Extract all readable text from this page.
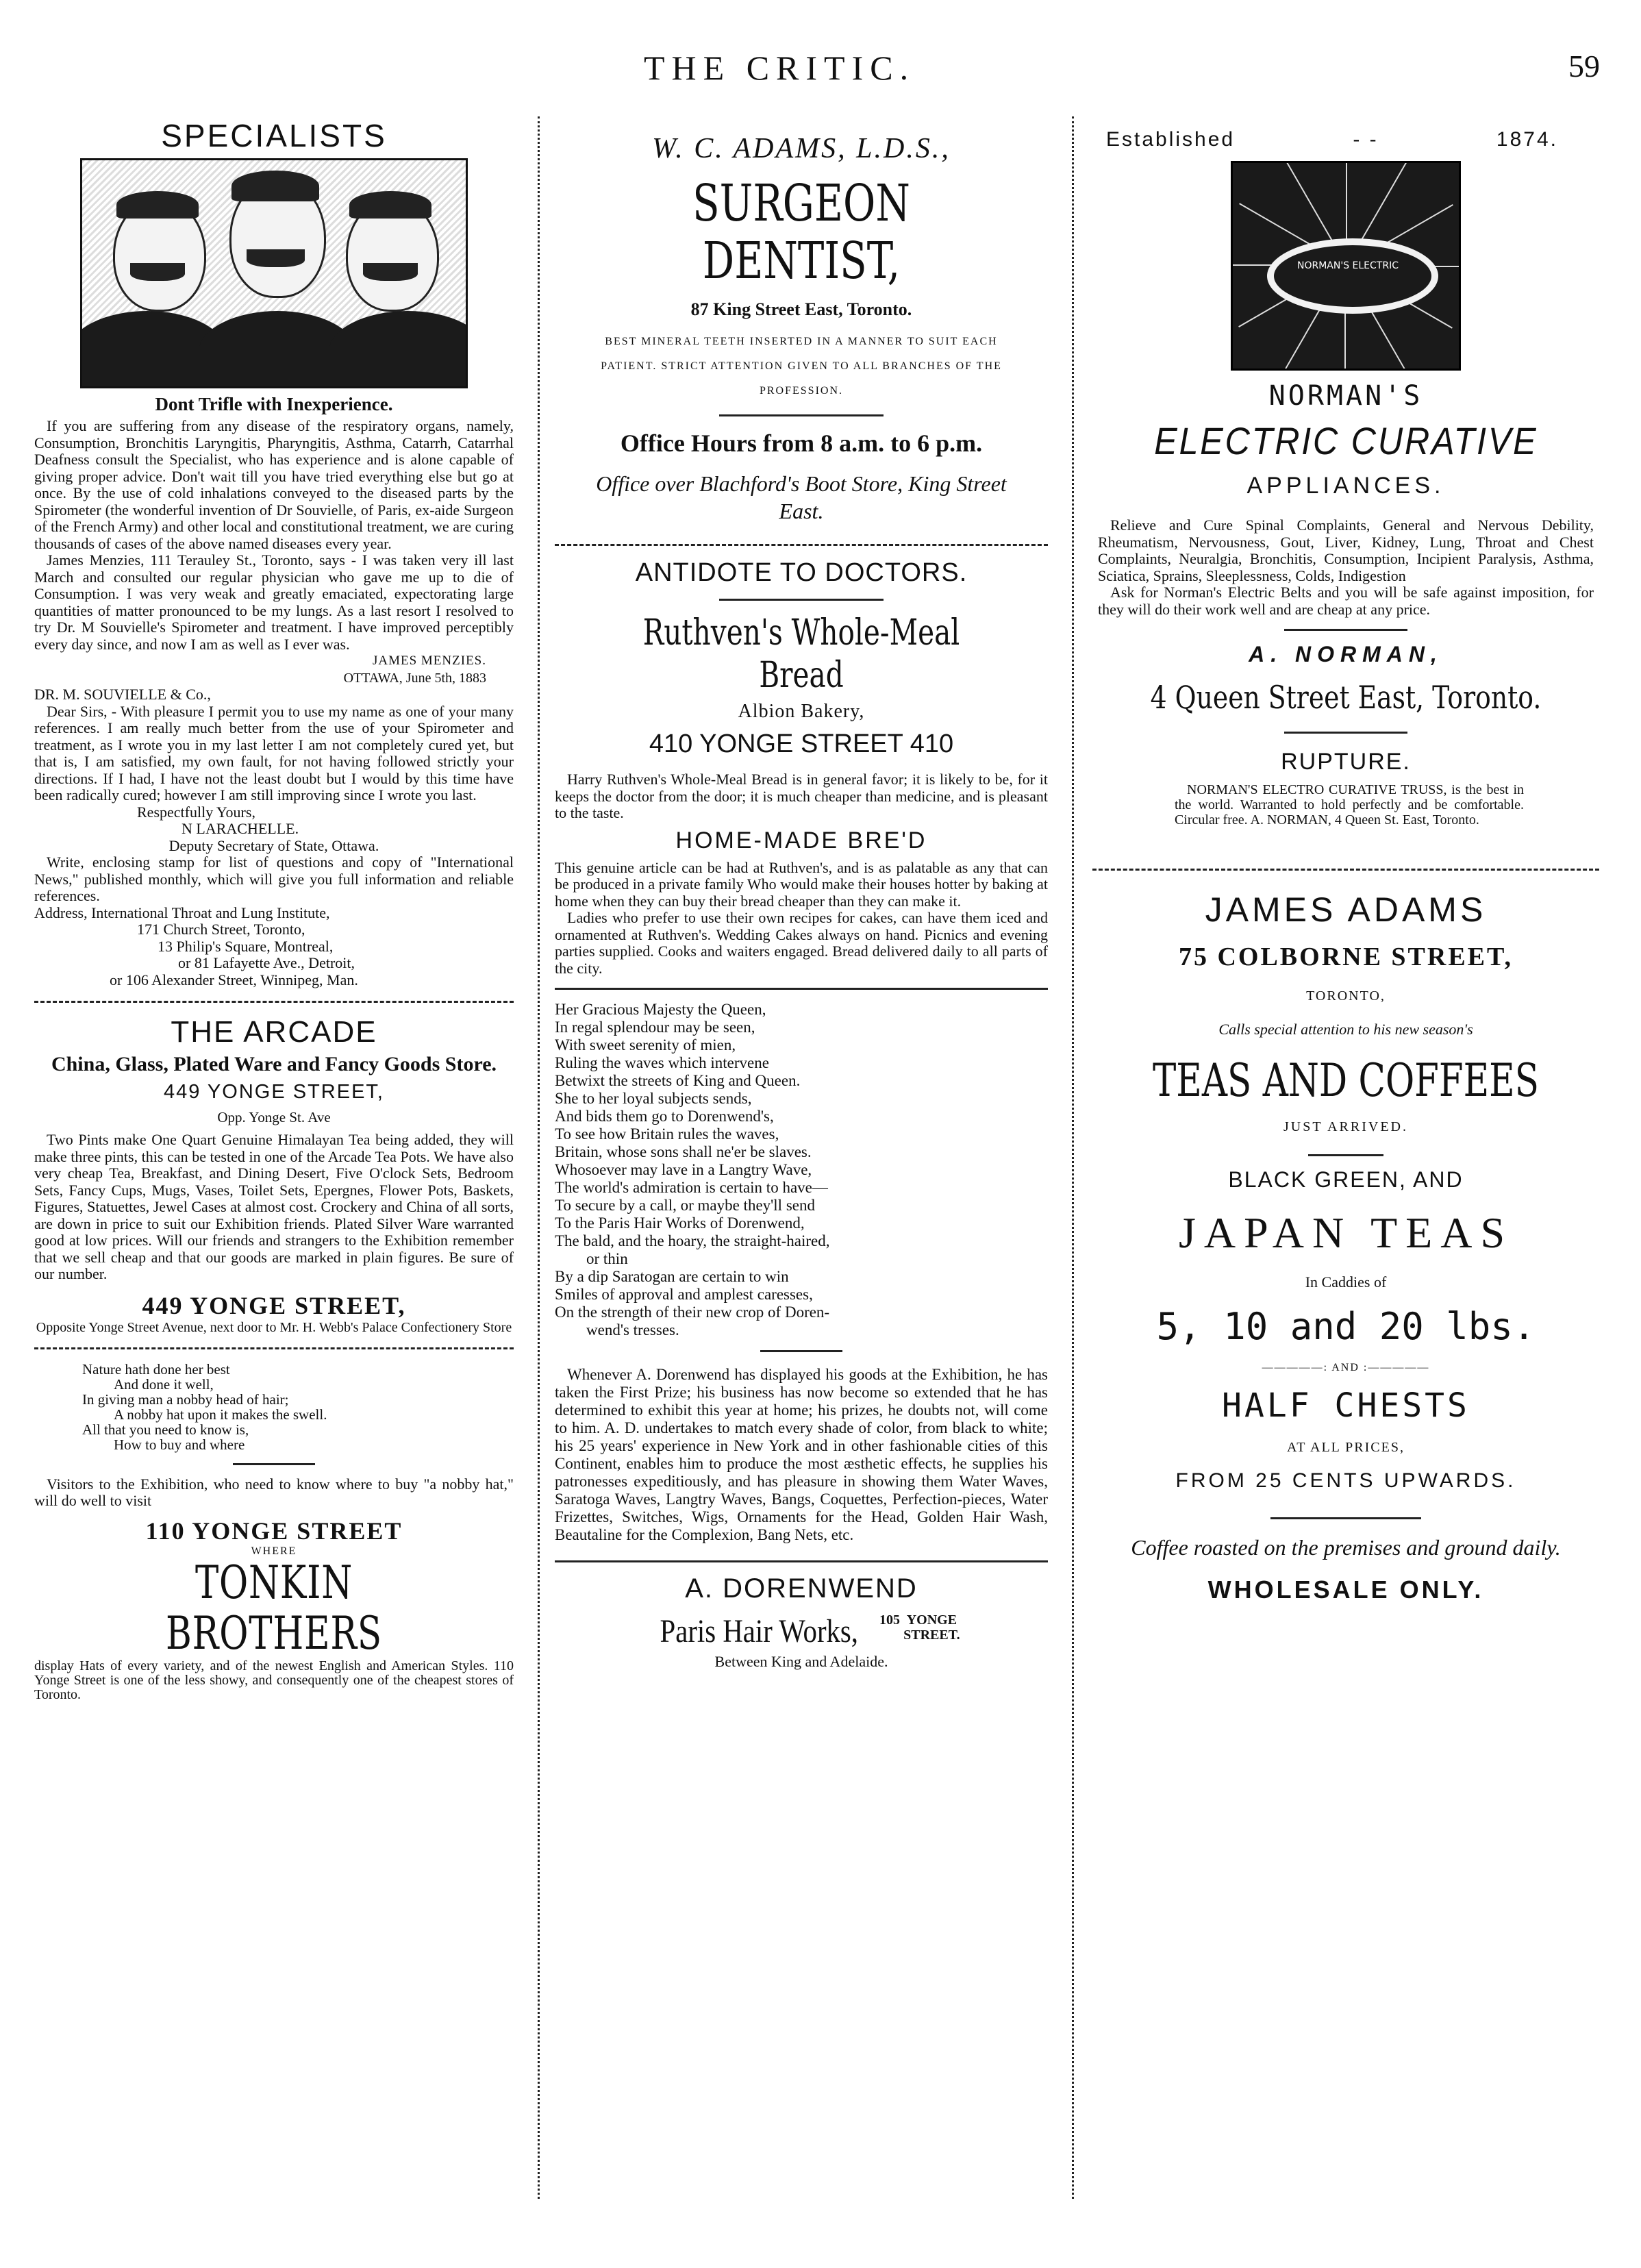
THE CRITIC.	59
SPECIALISTS
Dont Trifle with Inexperience.

If you are suffering from any disease of the respiratory organs, namely, Consumption, Bronchitis Laryngitis, Pharyngitis, Asthma, Catarrh, Catarrhal Deafness consult the Specialist, who has experience and is alone capable of giving proper advice. Don't wait till you have tried everything else but go at once. By the use of cold inhalations conveyed to the diseased parts by the Spirometer (the wonderful invention of Dr Souvielle, of Paris, ex-aide Surgeon of the French Army) and other local and constitutional treatment, we are curing thousands of cases of the above named diseases every year.

James Menzies, 111 Terauley St., Toronto, says - I was taken very ill last March and consulted our regular physician who gave me up to die of Consumption. I was very weak and greatly emaciated, expectorating large quantities of matter pronounced to be my lungs. As a last resort I resolved to try Dr. M Souvielle's Spirometer and treatment. I have improved perceptibly every day since, and now I am as well as I ever was.

JAMES MENZIES.
OTTAWA, June 5th, 1883
DR. M. SOUVIELLE & Co.,

Dear Sirs, - With pleasure I permit you to use my name as one of your many references. I am really much better from the use of your Spirometer and treatment, as I wrote you in my last letter I am not completely cured yet, but that is, I am satisfied, my own fault, for not having followed strictly your directions. If I had, I have not the least doubt but I would by this time have been radically cured; however I am still improving since I wrote you last.

Respectfully Yours,
N LARACHELLE.
Deputy Secretary of State, Ottawa.

Write, enclosing stamp for list of questions and copy of "International News," published monthly, which will give you full information and reliable references.

Address, International Throat and Lung Institute,
171 Church Street, Toronto,
13 Philip's Square, Montreal,
or 81 Lafayette Ave., Detroit,
or 106 Alexander Street, Winnipeg, Man.
THE ARCADE
China, Glass, Plated Ware and Fancy Goods Store.
449 YONGE STREET,
Opp. Yonge St. Ave

Two Pints make One Quart Genuine Himalayan Tea being added, they will make three pints, this can be tested in one of the Arcade Tea Pots. We have also very cheap Tea, Breakfast, and Dining Desert, Five O'clock Sets, Bedroom Sets, Fancy Cups, Mugs, Vases, Toilet Sets, Epergnes, Flower Pots, Baskets, Figures, Statuettes, Jewel Cases at almost cost. Crockery and China of all sorts, are down in price to suit our Exhibition friends. Plated Silver Ware warranted good at low prices. Will our friends and strangers to the Exhibition remember that we sell cheap and that our goods are marked in plain figures. Be sure of our number.

449 YONGE STREET,
Opposite Yonge Street Avenue, next door to Mr. H. Webb's Palace Confectionery Store
Nature hath done her best
And done it well,
In giving man a nobby head of hair;
A nobby hat upon it makes the swell.
All that you need to know is,
How to buy and where

Visitors to the Exhibition, who need to know where to buy "a nobby hat," will do well to visit

110 YONGE STREET
WHERE
TONKIN BROTHERS

display Hats of every variety, and of the newest English and American Styles. 110 Yonge Street is one of the less showy, and consequently one of the cheapest stores of Toronto.

W. C. ADAMS, L.D.S.,
SURGEON DENTIST,
87 King Street East, Toronto.
BEST MINERAL TEETH INSERTED IN A MANNER TO SUIT EACH PATIENT. STRICT ATTENTION GIVEN TO ALL BRANCHES OF THE PROFESSION.
Office Hours from 8 a.m. to 6 p.m.
Office over Blachford's Boot Store, King Street East.
ANTIDOTE TO DOCTORS.
Ruthven's Whole-Meal Bread
Albion Bakery,
410 YONGE STREET 410

Harry Ruthven's Whole-Meal Bread is in general favor; it is likely to be, for it keeps the doctor from the door; it is much cheaper than medicine, and is pleasant to the taste.

HOME-MADE BRE'D

This genuine article can be had at Ruthven's, and is as palatable as any that can be produced in a private family Who would make their houses hotter by baking at home when they can buy their bread cheaper than they can make it.

Ladies who prefer to use their own recipes for cakes, can have them iced and ornamented at Ruthven's. Wedding Cakes always on hand. Picnics and evening parties supplied. Cooks and waiters engaged. Bread delivered daily to all parts of the city.

Her Gracious Majesty the Queen,
In regal splendour may be seen,
With sweet serenity of mien,
Ruling the waves which intervene
Betwixt the streets of King and Queen.
She to her loyal subjects sends,
And bids them go to Dorenwend's,
To see how Britain rules the waves,
Britain, whose sons shall ne'er be slaves.
Whosoever may lave in a Langtry Wave,
The world's admiration is certain to have—
To secure by a call, or maybe they'll send
To the Paris Hair Works of Dorenwend,
The bald, and the hoary, the straight-haired,
or thin
By a dip Saratogan are certain to win
Smiles of approval and amplest caresses,
On the strength of their new crop of Doren-
wend's tresses.

Whenever A. Dorenwend has displayed his goods at the Exhibition, he has taken the First Prize; his business has now become so extended that he has determined to exhibit this year at home; his prizes, he doubts not, will come to him. A. D. undertakes to match every shade of color, from black to white; his 25 years' experience in New York and in other fashionable cities of this Continent, enables him to produce the most æsthetic effects, he supplies his patronesses expeditiously, and has pleasure in showing them Water Waves, Saratoga Waves, Langtry Waves, Bangs, Coquettes, Perfection-pieces, Water Frizettes, Switches, Wigs, Ornaments for the Head, Golden Hair Wash, Beautaline for the Complexion, Bang Nets, etc.

A. DORENWEND
Paris Hair Works, 105 YONGE
STREET.
Between King and Adelaide.
Established	- -	1874.
NORMAN'S ELECTRIC
NORMAN'S
ELECTRIC CURATIVE
APPLIANCES.

Relieve and Cure Spinal Complaints, General and Nervous Debility, Rheumatism, Nervousness, Gout, Liver, Kidney, Lung, Throat and Chest Complaints, Neuralgia, Bronchitis, Consumption, Incipient Paralysis, Asthma, Sciatica, Sprains, Sleeplessness, Colds, Indigestion

Ask for Norman's Electric Belts and you will be safe against imposition, for they will do their work well and are cheap at any price.

A. NORMAN,
4 Queen Street East, Toronto.
RUPTURE.

NORMAN'S ELECTRO CURATIVE TRUSS, is the best in the world. Warranted to hold perfectly and be comfortable. Circular free. A. NORMAN, 4 Queen St. East, Toronto.

JAMES ADAMS
75 COLBORNE STREET,
TORONTO,
Calls special attention to his new season's
TEAS AND COFFEES
JUST ARRIVED.
BLACK GREEN, AND
JAPAN TEAS
In Caddies of
5, 10 and 20 lbs.
—————: AND :—————
HALF CHESTS
AT ALL PRICES,
FROM 25 CENTS UPWARDS.
Coffee roasted on the premises and ground daily.
WHOLESALE ONLY.
